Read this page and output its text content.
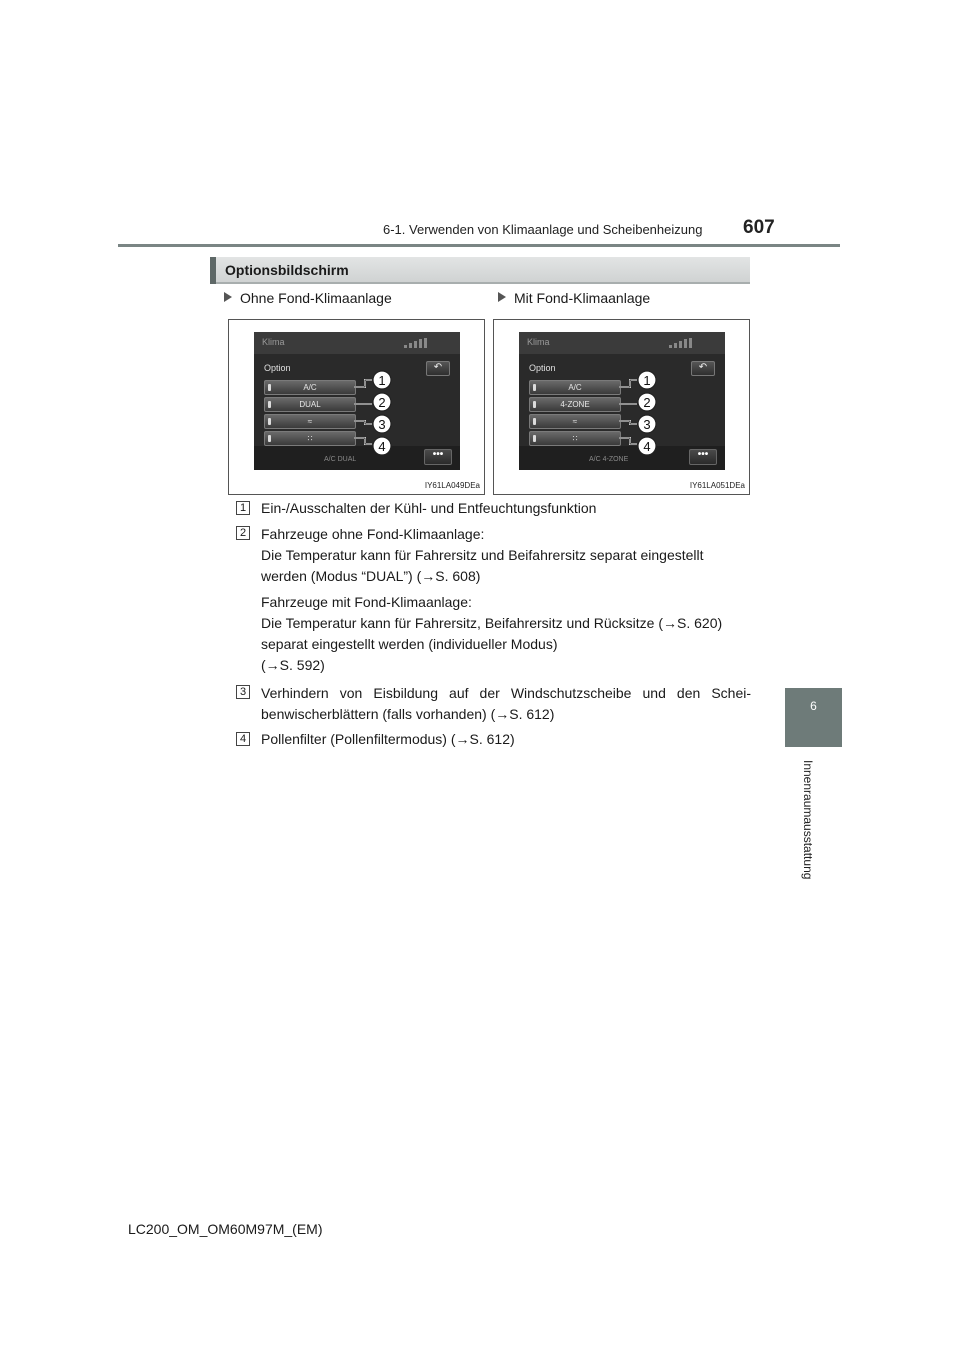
6-1. Verwenden von Klimaanlage und Scheibenheizung 607
6
Innenraumausstattung
Optionsbildschirm
Ohne Fond-Klimaanlage	Mit Fond-Klimaanlage
Klima
Option	↶
A/C
DUAL
≈
∷
A/C DUAL	•••
1
2
3
4
IY61LA049DEa
Klima
Option	↶
A/C
4-ZONE
≈
∷
A/C 4-ZONE	•••
1
2
3
4
IY61LA051DEa
1 Ein-/Ausschalten der Kühl- und Entfeuchtungsfunktion
2 Fahrzeuge ohne Fond-Klimaanlage:
Die Temperatur kann für Fahrersitz und Beifahrersitz separat eingestellt
werden (Modus “DUAL”) (→S. 608)
Fahrzeuge mit Fond-Klimaanlage:
Die Temperatur kann für Fahrersitz, Beifahrersitz und Rücksitze (→S. 620)
separat eingestellt werden (individueller Modus)
(→S. 592)
3 Verhindern von Eisbildung auf der Windschutzscheibe und den Schei-
benwischerblättern (falls vorhanden) (→S. 612)
4 Pollenfilter (Pollenfiltermodus) (→S. 612)
LC200_OM_OM60M97M_(EM)
